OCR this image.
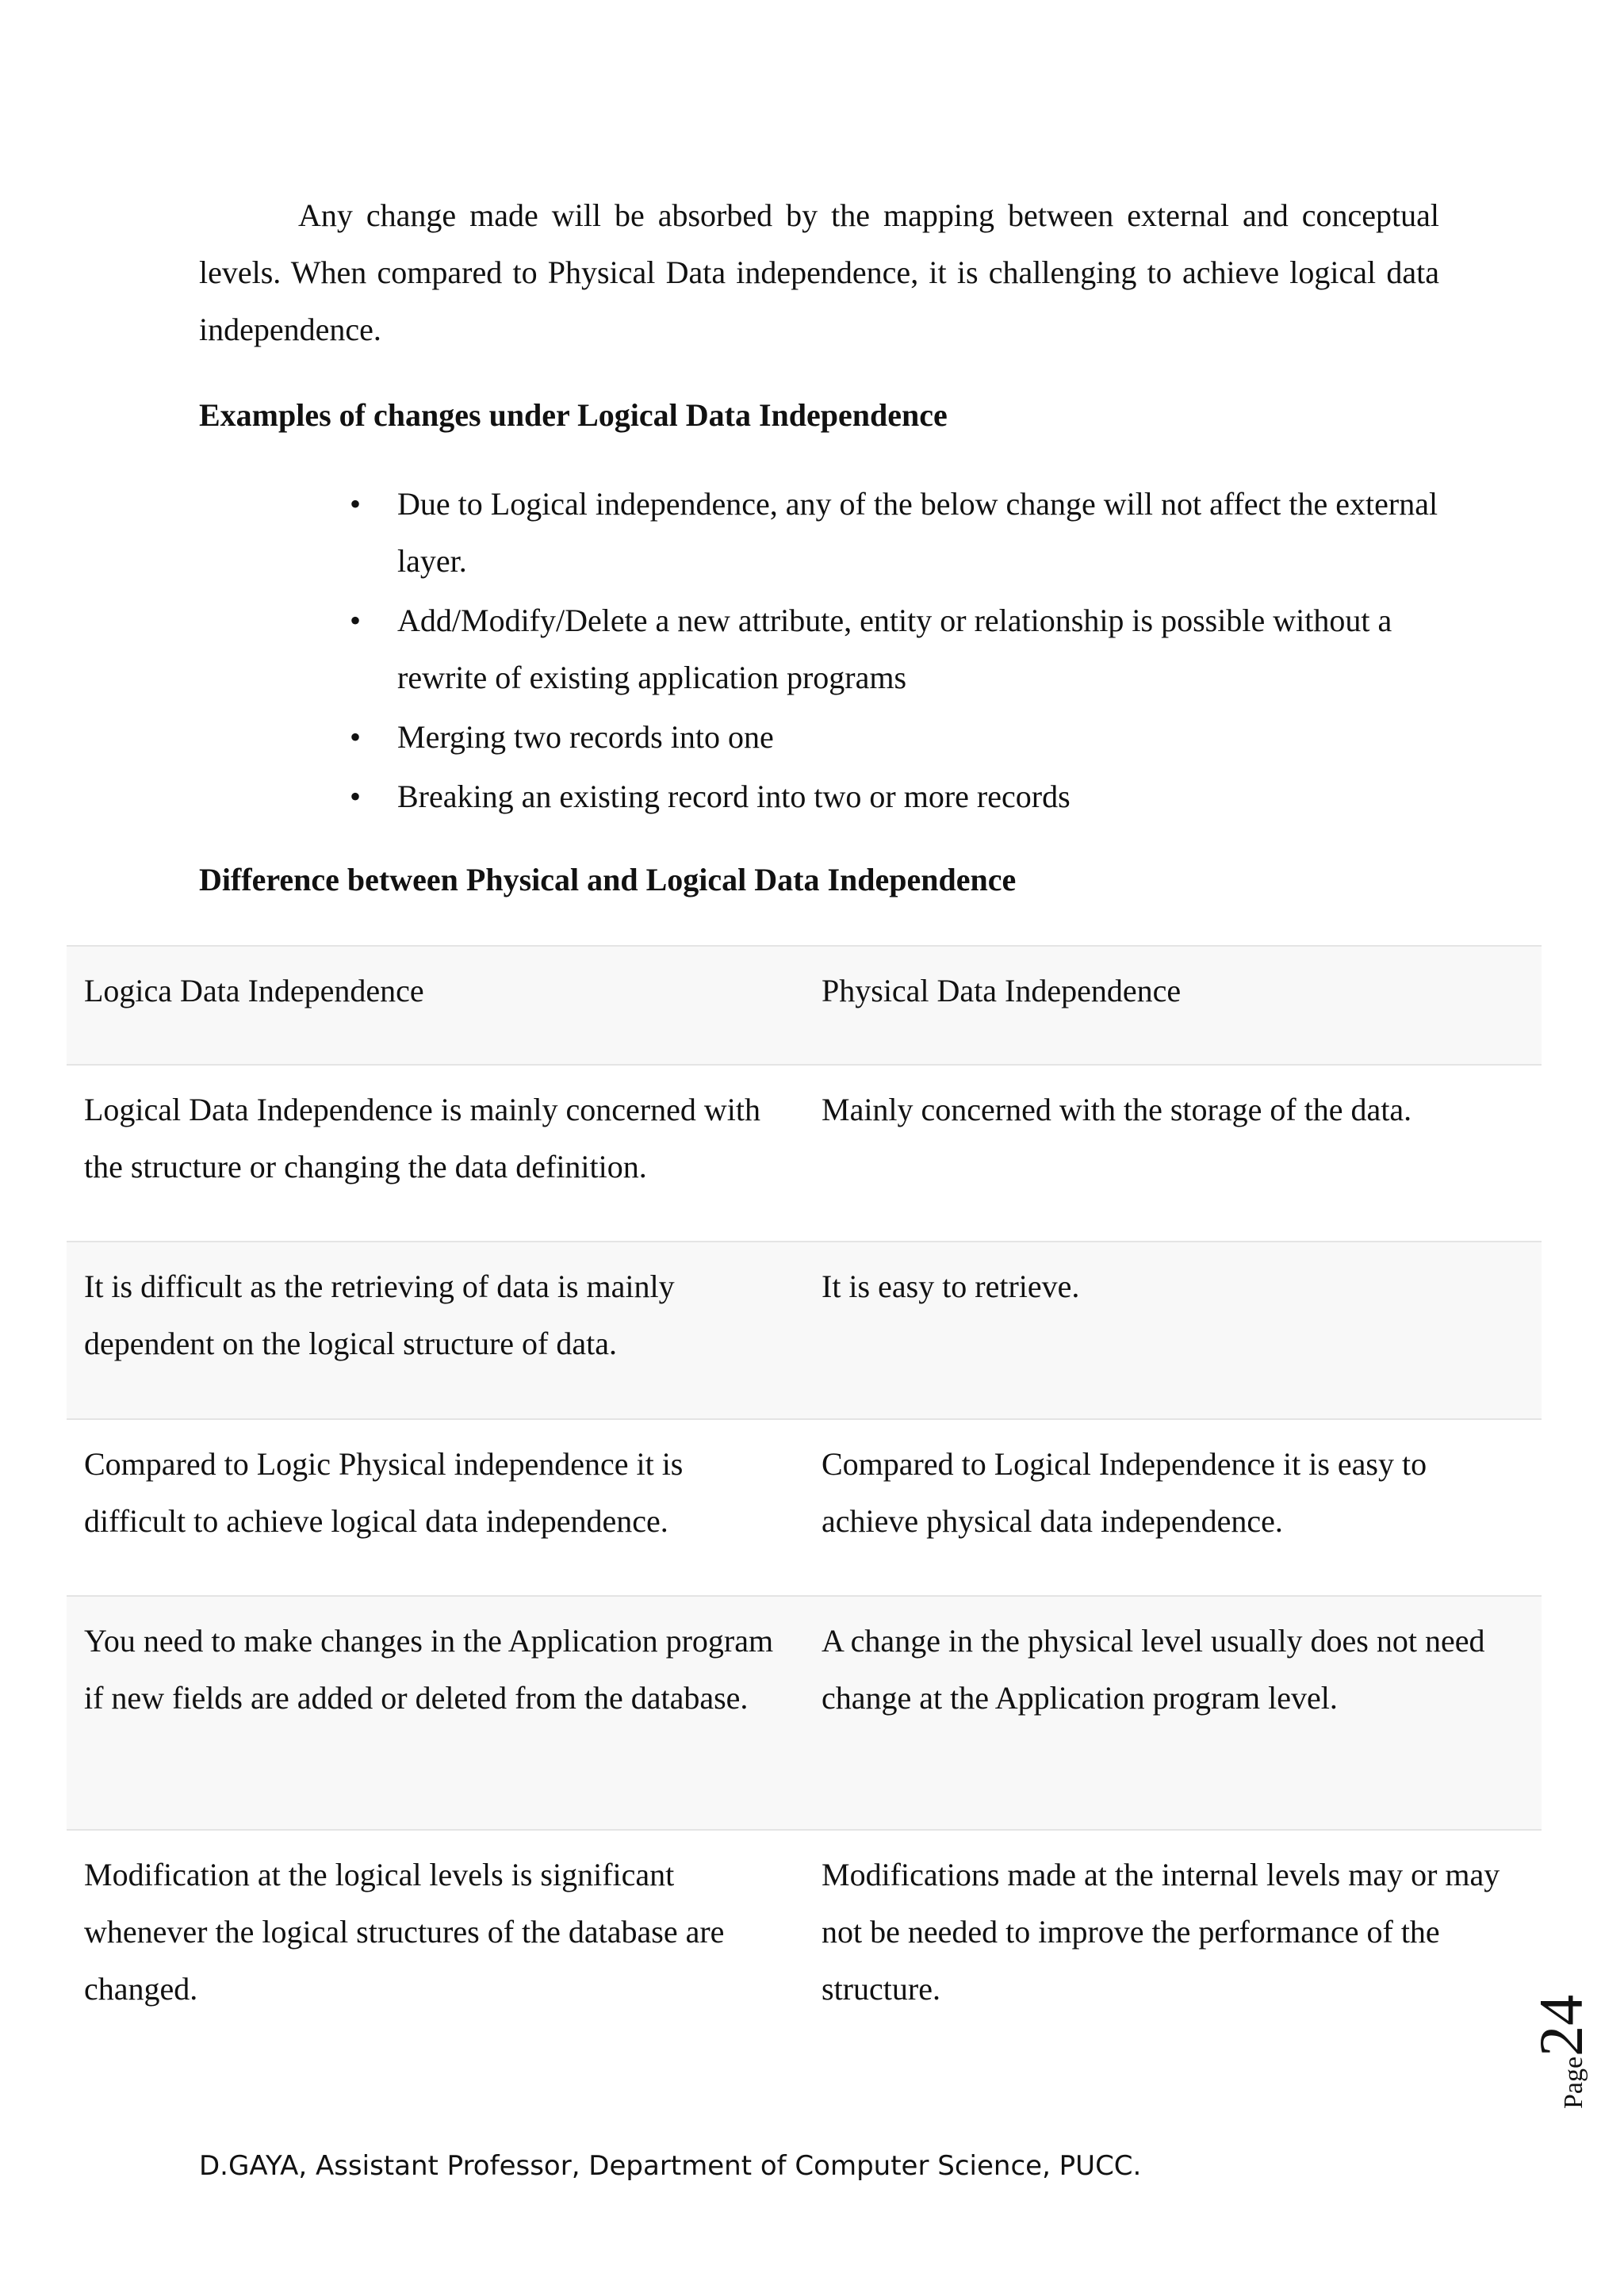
Any change made will be absorbed by the mapping between external and conceptual levels. When compared to Physical Data independence, it is challenging to achieve logical data independence.

Examples of changes under Logical Data Independence

• Due to Logical independence, any of the below change will not affect the external layer.
• Add/Modify/Delete a new attribute, entity or relationship is possible without a rewrite of existing application programs
• Merging two records into one
• Breaking an existing record into two or more records

Difference between Physical and Logical Data Independence

Logica Data Independence	Physical Data Independence
Logical Data Independence is mainly concerned with the structure or changing the data definition.	Mainly concerned with the storage of the data.
It is difficult as the retrieving of data is mainly dependent on the logical structure of data.	It is easy to retrieve.
Compared to Logic Physical independence it is difficult to achieve logical data independence.	Compared to Logical Independence it is easy to achieve physical data independence.
You need to make changes in the Application program if new fields are added or deleted from the database.	A change in the physical level usually does not need change at the Application program level.
Modification at the logical levels is significant whenever the logical structures of the database are changed.	Modifications made at the internal levels may or may not be needed to improve the performance of the structure.
Page24
D.GAYA, Assistant Professor, Department of Computer Science, PUCC.
